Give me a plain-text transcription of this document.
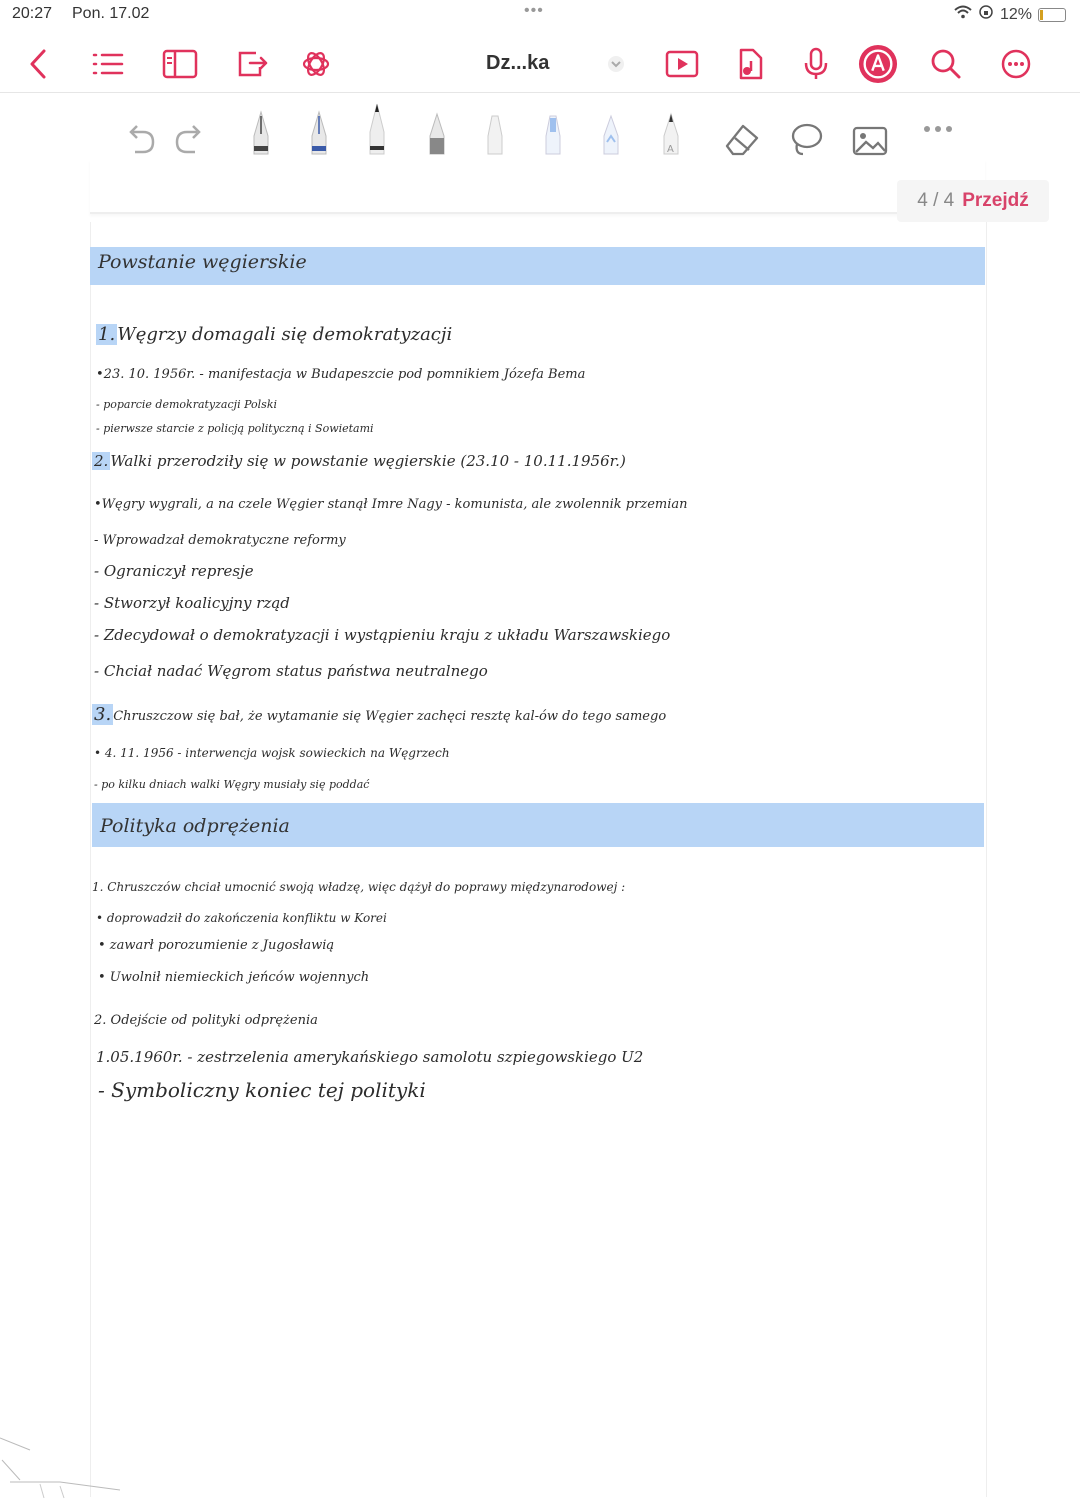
20:27 Pon. 17.02	•••	12%
Dz...ka
A
4 / 4 Przejdź
Powstanie węgierskie
1. Węgrzy domagali się demokratyzacji
•23. 10. 1956r. - manifestacja w Budapeszcie pod pomnikiem Józefa Bema
- poparcie demokratyzacji Polski
- pierwsze starcie z policją polityczną i Sowietami
2. Walki przerodziły się w powstanie węgierskie (23.10 - 10.11.1956r.)
•Węgry wygrali, a na czele Węgier stanął Imre Nagy - komunista, ale zwolennik przemian
- Wprowadzał demokratyczne reformy
- Ograniczył represje
- Stworzył koalicyjny rząd
- Zdecydował o demokratyzacji i wystąpieniu kraju z układu Warszawskiego
- Chciał nadać Węgrom status państwa neutralnego
3. Chruszczow się bał, że wytamanie się Węgier zachęci resztę kal-ów do tego samego
• 4. 11. 1956 - interwencja wojsk sowieckich na Węgrzech
- po kilku dniach walki Węgry musiały się poddać
Polityka odprężenia
1. Chruszczów chciał umocnić swoją władzę, więc dążył do poprawy międzynarodowej :
• doprowadził do zakończenia konfliktu w Korei
• zawarł porozumienie z Jugosławią
• Uwolnił niemieckich jeńców wojennych
2. Odejście od polityki odprężenia
1.05.1960r. - zestrzelenia amerykańskiego samolotu szpiegowskiego U2
- Symboliczny koniec tej polityki
